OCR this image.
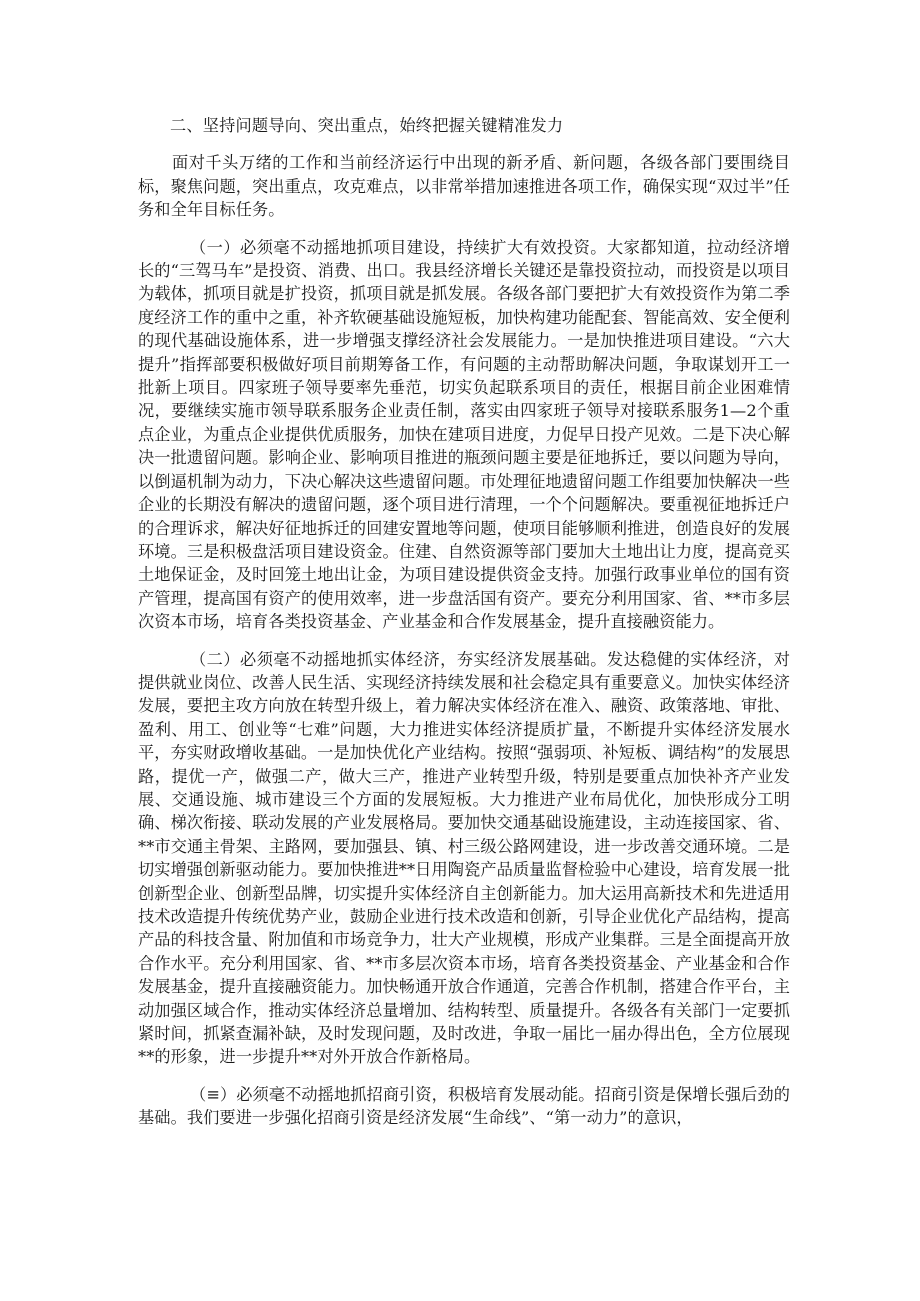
二、坚持问题导向、突出重点，始终把握关键精准发力

面对千头万绪的工作和当前经济运行中出现的新矛盾、新问题，各级各部门要围绕目标，聚焦问题，突出重点，攻克难点，以非常举措加速推进各项工作，确保实现“双过半”任务和全年目标任务。

（一）必须毫不动摇地抓项目建设，持续扩大有效投资。大家都知道，拉动经济增长的“三驾马车”是投资、消费、出口。我县经济增长关键还是靠投资拉动，而投资是以项目为载体，抓项目就是扩投资，抓项目就是抓发展。各级各部门要把扩大有效投资作为第二季度经济工作的重中之重，补齐软硬基础设施短板，加快构建功能配套、智能高效、安全便利的现代基础设施体系，进一步增强支撑经济社会发展能力。一是加快推进项目建设。“六大提升”指挥部要积极做好项目前期筹备工作，有问题的主动帮助解决问题，争取谋划开工一批新上项目。四家班子领导要率先垂范，切实负起联系项目的责任，根据目前企业困难情况，要继续实施市领导联系服务企业责任制，落实由四家班子领导对接联系服务1—2个重点企业，为重点企业提供优质服务，加快在建项目进度，力促早日投产见效。二是下决心解决一批遗留问题。影响企业、影响项目推进的瓶颈问题主要是征地拆迁，要以问题为导向，以倒逼机制为动力，下决心解决这些遗留问题。市处理征地遗留问题工作组要加快解决一些企业的长期没有解决的遗留问题，逐个项目进行清理，一个个问题解决。要重视征地拆迁户的合理诉求，解决好征地拆迁的回建安置地等问题，使项目能够顺利推进，创造良好的发展环境。三是积极盘活项目建设资金。住建、自然资源等部门要加大土地出让力度，提高竞买土地保证金，及时回笼土地出让金，为项目建设提供资金支持。加强行政事业单位的国有资产管理，提高国有资产的使用效率，进一步盘活国有资产。要充分利用国家、省、**市多层次资本市场，培育各类投资基金、产业基金和合作发展基金，提升直接融资能力。

（二）必须毫不动摇地抓实体经济，夯实经济发展基础。发达稳健的实体经济，对提供就业岗位、改善人民生活、实现经济持续发展和社会稳定具有重要意义。加快实体经济发展，要把主攻方向放在转型升级上，着力解决实体经济在准入、融资、政策落地、审批、盈利、用工、创业等“七难”问题，大力推进实体经济提质扩量，不断提升实体经济发展水平，夯实财政增收基础。一是加快优化产业结构。按照“强弱项、补短板、调结构”的发展思路，提优一产，做强二产，做大三产，推进产业转型升级，特别是要重点加快补齐产业发展、交通设施、城市建设三个方面的发展短板。大力推进产业布局优化，加快形成分工明确、梯次衔接、联动发展的产业发展格局。要加快交通基础设施建设，主动连接国家、省、**市交通主骨架、主路网，要加强县、镇、村三级公路网建设，进一步改善交通环境。二是切实增强创新驱动能力。要加快推进**日用陶瓷产品质量监督检验中心建设，培育发展一批创新型企业、创新型品牌，切实提升实体经济自主创新能力。加大运用高新技术和先进适用技术改造提升传统优势产业，鼓励企业进行技术改造和创新，引导企业优化产品结构，提高产品的科技含量、附加值和市场竞争力，壮大产业规模，形成产业集群。三是全面提高开放合作水平。充分利用国家、省、**市多层次资本市场，培育各类投资基金、产业基金和合作发展基金，提升直接融资能力。加快畅通开放合作通道，完善合作机制，搭建合作平台，主动加强区域合作，推动实体经济总量增加、结构转型、质量提升。各级各有关部门一定要抓紧时间，抓紧查漏补缺，及时发现问题，及时改进，争取一届比一届办得出色，全方位展现**的形象，进一步提升**对外开放合作新格局。

（≡）必须毫不动摇地抓招商引资，积极培育发展动能。招商引资是保增长强后劲的基础。我们要进一步强化招商引资是经济发展“生命线”、“第一动力”的意识，
